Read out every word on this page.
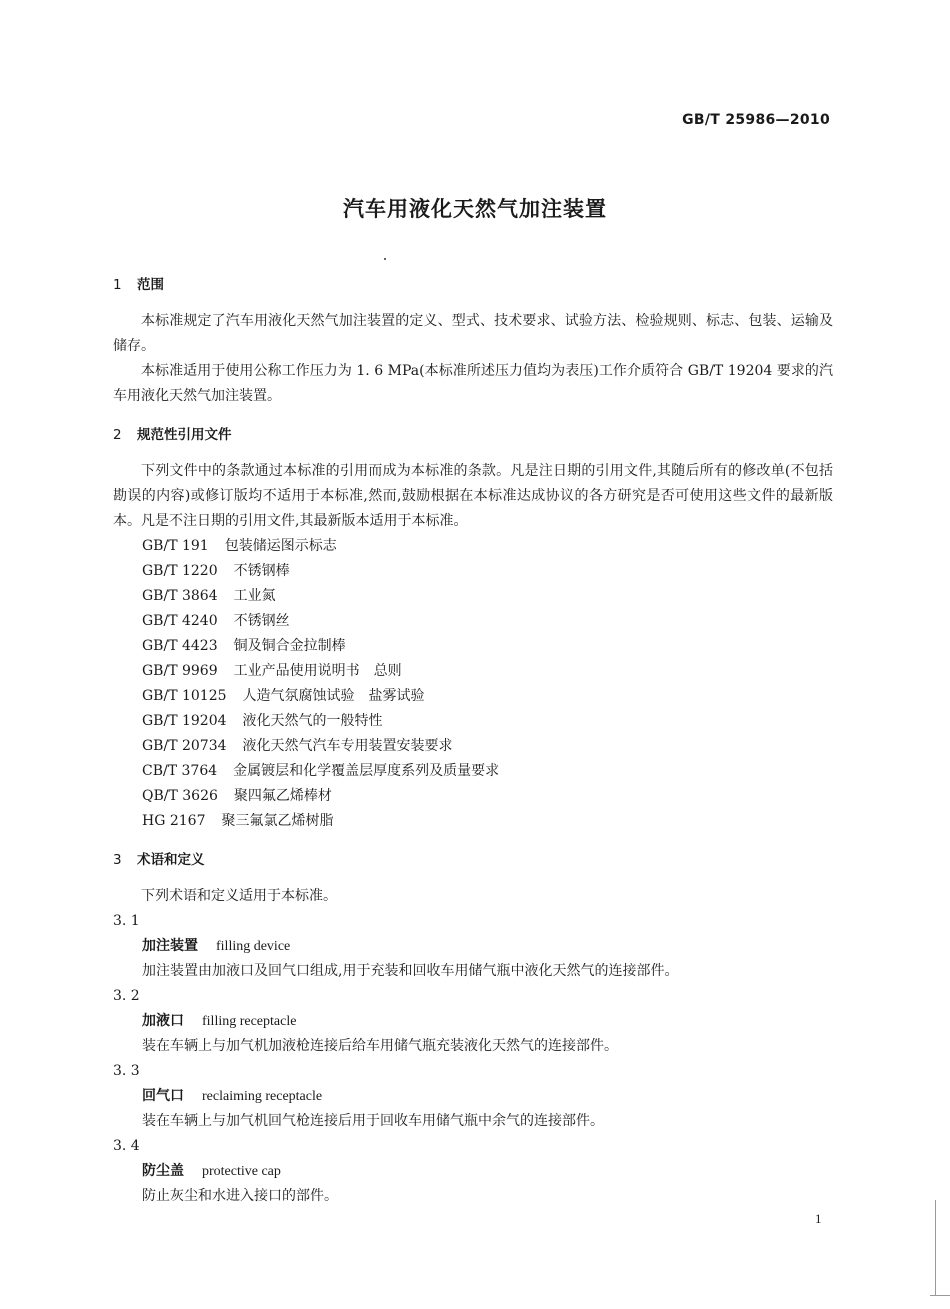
GB/T 25986—2010
汽车用液化天然气加注装置
1 范围

本标准规定了汽车用液化天然气加注装置的定义、型式、技术要求、试验方法、检验规则、标志、包装、运输及储存。

本标准适用于使用公称工作压力为 1. 6 MPa(本标准所述压力值均为表压)工作介质符合 GB/T 19204 要求的汽车用液化天然气加注装置。

2 规范性引用文件

下列文件中的条款通过本标准的引用而成为本标准的条款。凡是注日期的引用文件,其随后所有的修改单(不包括勘误的内容)或修订版均不适用于本标准,然而,鼓励根据在本标准达成协议的各方研究是否可使用这些文件的最新版本。凡是不注日期的引用文件,其最新版本适用于本标准。

GB/T 191 包装储运图示标志
GB/T 1220 不锈钢棒
GB/T 3864 工业氮
GB/T 4240 不锈钢丝
GB/T 4423 铜及铜合金拉制棒
GB/T 9969 工业产品使用说明书　总则
GB/T 10125 人造气氛腐蚀试验　盐雾试验
GB/T 19204 液化天然气的一般特性
GB/T 20734 液化天然气汽车专用装置安装要求
CB/T 3764 金属镀层和化学覆盖层厚度系列及质量要求
QB/T 3626 聚四氟乙烯棒材
HG 2167 聚三氟氯乙烯树脂
3 术语和定义

下列术语和定义适用于本标准。

3. 1
加注装置 filling device
加注装置由加液口及回气口组成,用于充装和回收车用储气瓶中液化天然气的连接部件。
3. 2
加液口 filling receptacle
装在车辆上与加气机加液枪连接后给车用储气瓶充装液化天然气的连接部件。
3. 3
回气口 reclaiming receptacle
装在车辆上与加气机回气枪连接后用于回收车用储气瓶中余气的连接部件。
3. 4
防尘盖 protective cap
防止灰尘和水进入接口的部件。
1
